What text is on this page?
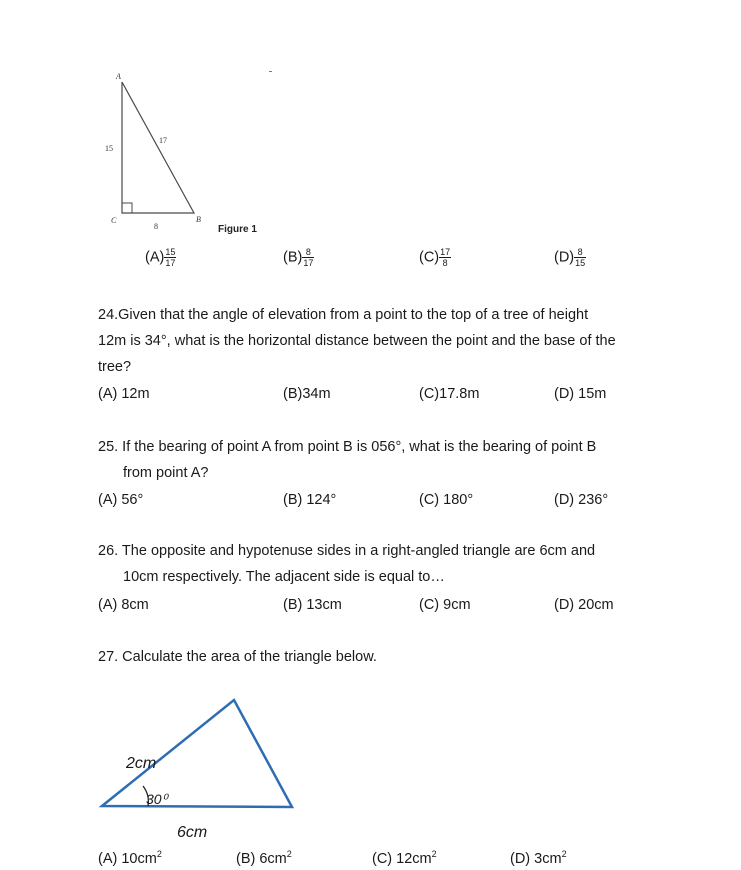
A
C	B
15
17
8	Figure 1
$(A) \frac{15}{17}$	$(B) \frac{8}{17}$	$(C) \frac{17}{8}$	$(D) \frac{8}{15}$
24.Given that the angle of elevation from a point to the top of a tree of height
12m is 34°, what is the horizontal distance between the point and the base of the
tree?
(A) 12m	(B)34m	(C)17.8m	(D) 15m
25. If the bearing of point A from point B is 056°, what is the bearing of point B
from point A?
(A) 56°	(B) 124°	(C) 180°	(D) 236°
26. The opposite and hypotenuse sides in a right-angled triangle are 6cm and
10cm respectively. The adjacent side is equal to…
(A) 8cm	(B) 13cm	(C) 9cm	(D) 20cm
27. Calculate the area of the triangle below.
2cm
30⁰
6cm
(A) $10cm^2$	(B) $6cm^2$	(C) $12cm^2$	(D) $3cm^2$
